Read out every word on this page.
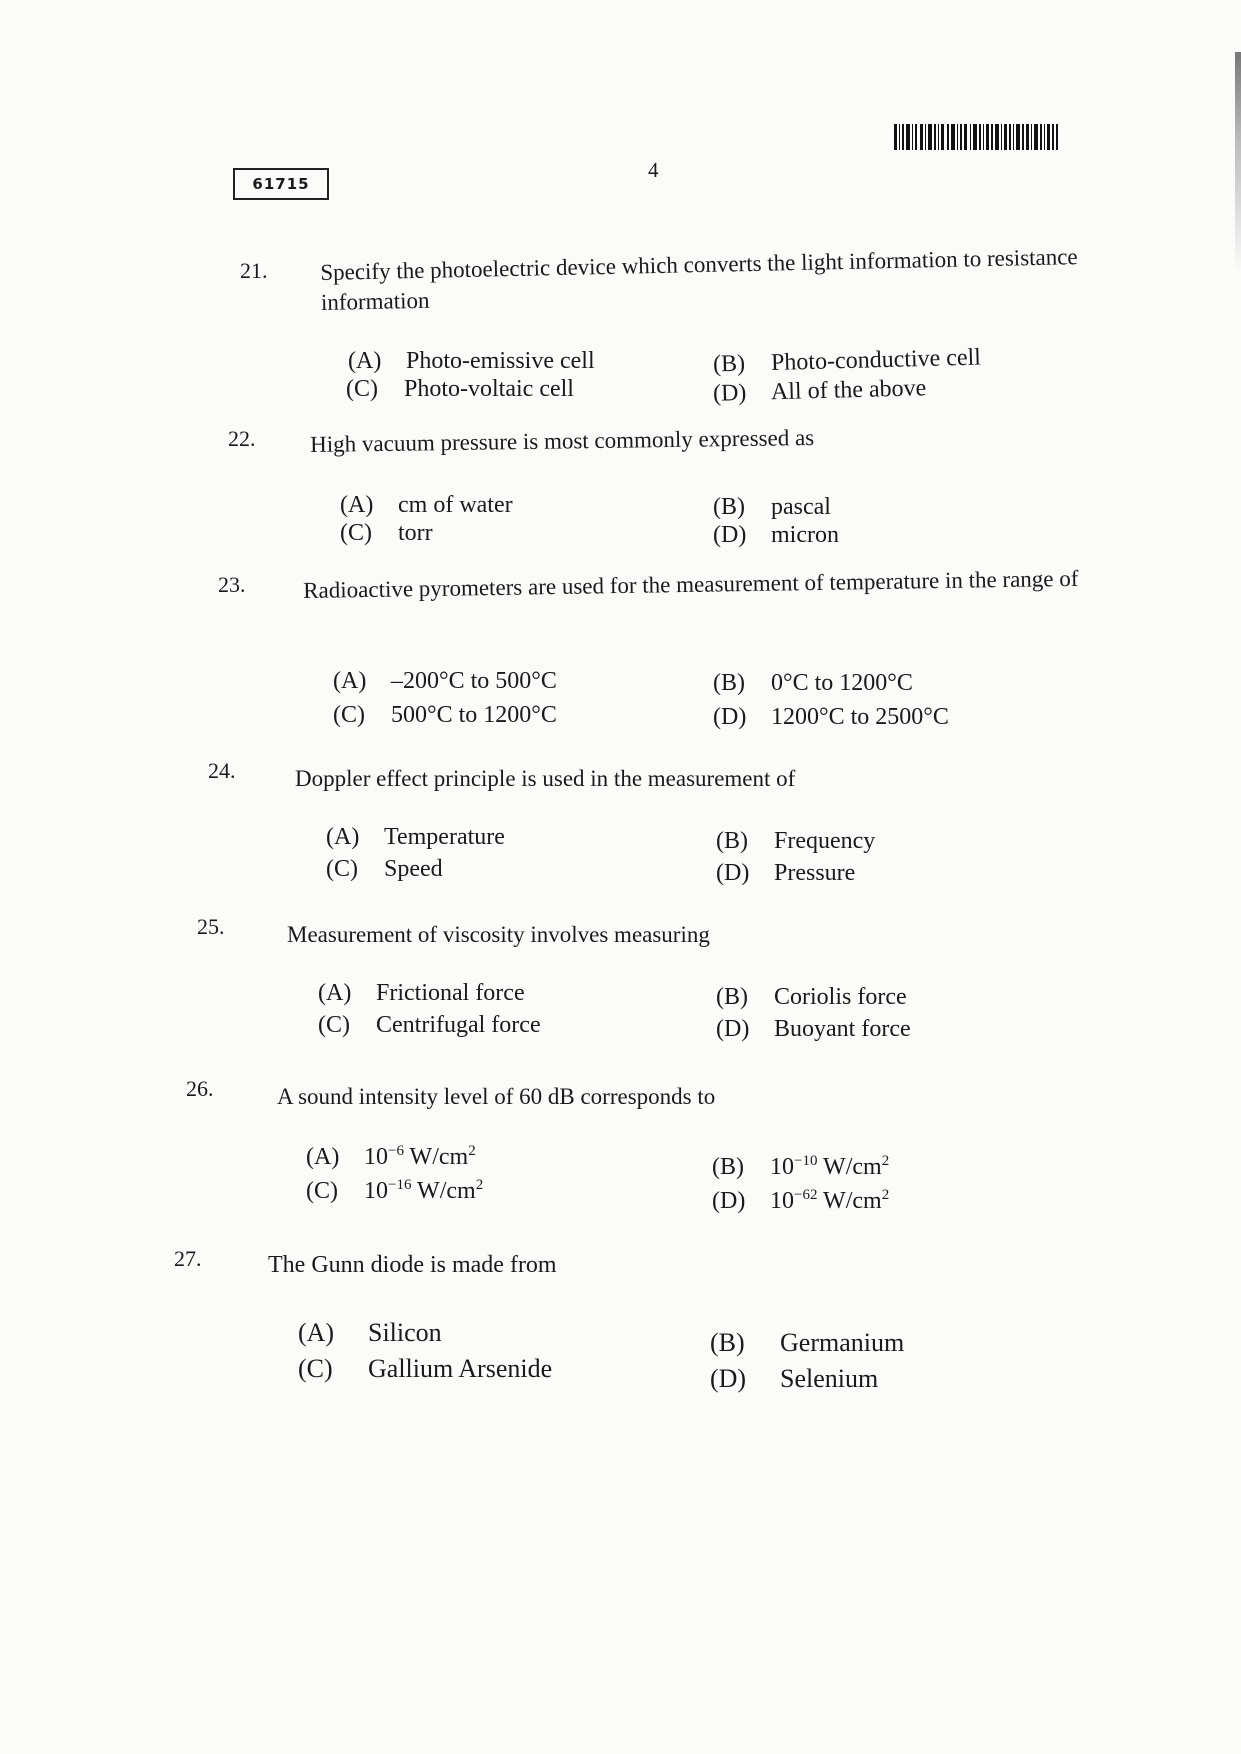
61715
4
21. Specify the photoelectric device which converts the light information to resistance information
(A) Photo-emissive cell	(B) Photo-conductive cell
(C) Photo-voltaic cell	(D) All of the above
22. High vacuum pressure is most commonly expressed as
(A) cm of water	(B) pascal
(C) torr	(D) micron
23.	Radioactive pyrometers are used for the measurement of temperature in the range of
(A) –200°C to 500°C	(B) 0°C to 1200°C
(C) 500°C to 1200°C	(D) 1200°C to 2500°C
24.	Doppler effect principle is used in the measurement of
(A) Temperature	(B) Frequency
(C) Speed	(D) Pressure
25.	Measurement of viscosity involves measuring
(A) Frictional force	(B) Coriolis force
(C) Centrifugal force	(D) Buoyant force
26.	A sound intensity level of 60 dB corresponds to
(A) $10^{-6}$ $W/cm^2$
(B) $10^{-10}$ $W/cm^2$
(C) $10^{-16}$ $W/cm^2$
(D) $10^{-62}$ $W/cm^2$
27.	The Gunn diode is made from
(A) Silicon	(B) Germanium
(C) Gallium Arsenide	(D) Selenium
